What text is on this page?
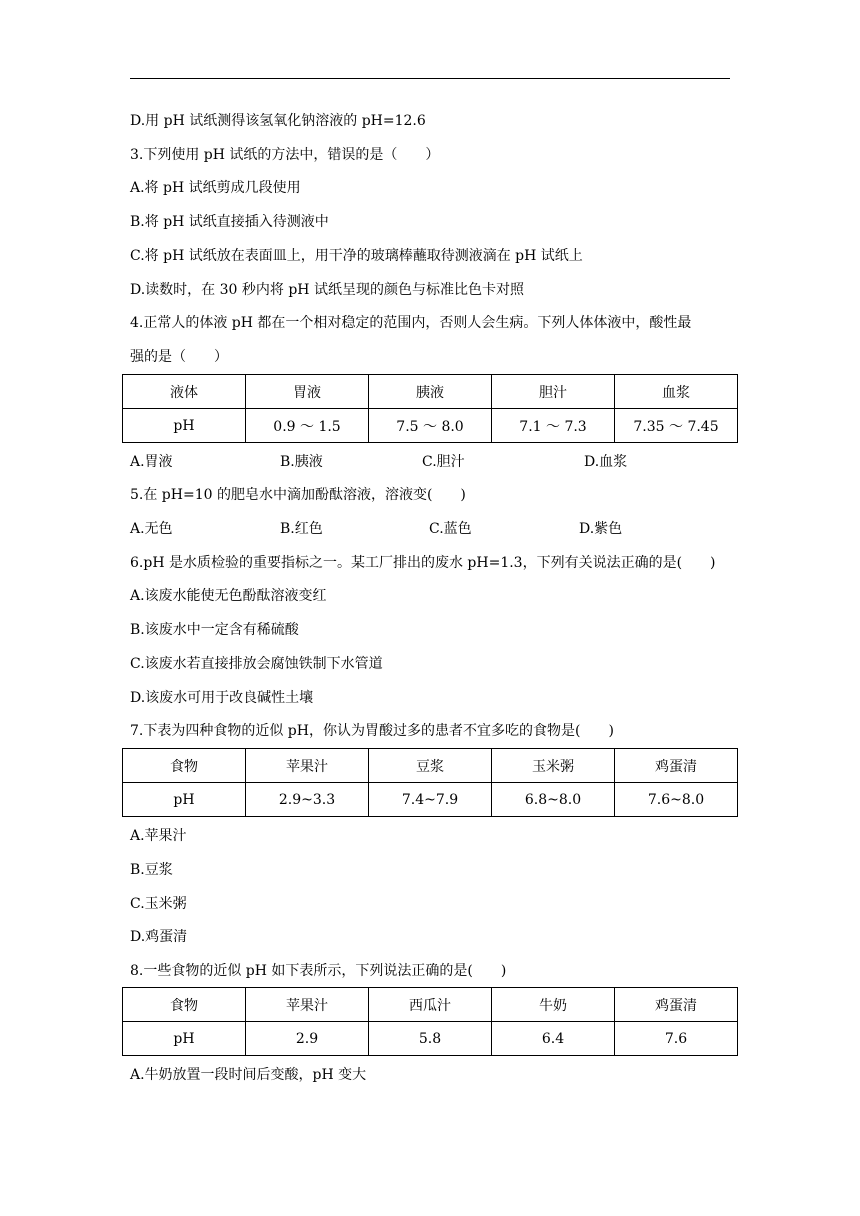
D.用 pH 试纸测得该氢氧化钠溶液的 pH=12.6
3.下列使用 pH 试纸的方法中，错误的是（　　）
A.将 pH 试纸剪成几段使用
B.将 pH 试纸直接插入待测液中
C.将 pH 试纸放在表面皿上，用干净的玻璃棒蘸取待测液滴在 pH 试纸上
D.读数时，在 30 秒内将 pH 试纸呈现的颜色与标准比色卡对照
4.正常人的体液 pH 都在一个相对稳定的范围内，否则人会生病。下列人体体液中，酸性最
强的是（　　）
液体	胃液	胰液	胆汁	血浆
pH	0.9 ～ 1.5	7.5 ～ 8.0	7.1 ～ 7.3	7.35 ～ 7.45
A.胃液	B.胰液	C.胆汁	D.血浆
5.在 pH=10 的肥皂水中滴加酚酞溶液，溶液变(　　)
A.无色	B.红色	C.蓝色	D.紫色
6.pH 是水质检验的重要指标之一。某工厂排出的废水 pH=1.3，下列有关说法正确的是(　　)
A.该废水能使无色酚酞溶液变红
B.该废水中一定含有稀硫酸
C.该废水若直接排放会腐蚀铁制下水管道
D.该废水可用于改良碱性土壤
7.下表为四种食物的近似 pH，你认为胃酸过多的患者不宜多吃的食物是(　　)
食物	苹果汁	豆浆	玉米粥	鸡蛋清
pH	2.9~3.3	7.4~7.9	6.8~8.0	7.6~8.0
A.苹果汁
B.豆浆
C.玉米粥
D.鸡蛋清
8.一些食物的近似 pH 如下表所示，下列说法正确的是(　　)
食物	苹果汁	西瓜汁	牛奶	鸡蛋清
pH	2.9	5.8	6.4	7.6
A.牛奶放置一段时间后变酸，pH 变大
